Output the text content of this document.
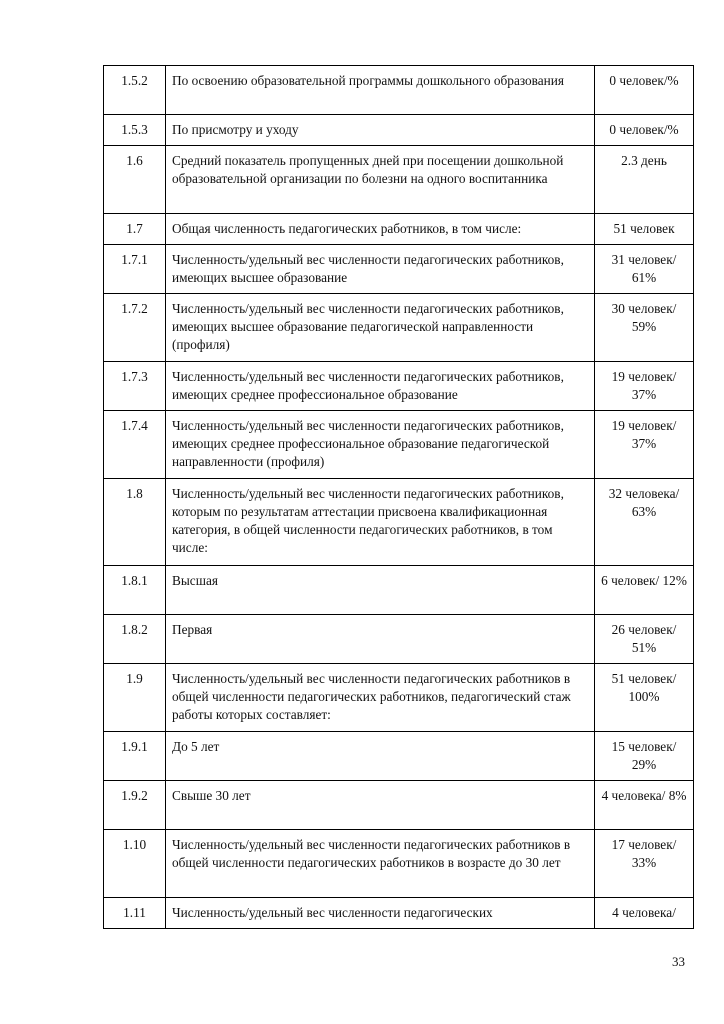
1.5.2	По освоению образовательной программы дошкольного образования	0 человек/%
1.5.3	По присмотру и уходу	0 человек/%
1.6	Средний показатель пропущенных дней при посещении дошкольной образовательной организации по болезни на одного воспитанника	2.3 день
1.7	Общая численность педагогических работников, в том числе:	51 человек
1.7.1	Численность/удельный вес численности педагогических работников, имеющих высшее образование	31 человек/ 61%
1.7.2	Численность/удельный вес численности педагогических работников, имеющих высшее образование педагогической направленности (профиля)	30 человек/ 59%
1.7.3	Численность/удельный вес численности педагогических работников, имеющих среднее профессиональное образование	19 человек/ 37%
1.7.4	Численность/удельный вес численности педагогических работников, имеющих среднее профессиональное образование педагогической направленности (профиля)	19 человек/ 37%
1.8	Численность/удельный вес численности педагогических работников, которым по результатам аттестации присвоена квалификационная категория, в общей численности педагогических работников, в том числе:	32 человека/ 63%
1.8.1	Высшая	6 человек/ 12%
1.8.2	Первая	26 человек/ 51%
1.9	Численность/удельный вес численности педагогических работников в общей численности педагогических работников, педагогический стаж работы которых составляет:	51 человек/ 100%
1.9.1	До 5 лет	15 человек/ 29%
1.9.2	Свыше 30 лет	4 человека/ 8%
1.10	Численность/удельный вес численности педагогических работников в общей численности педагогических работников в возрасте до 30 лет	17 человек/ 33%
1.11	Численность/удельный вес численности педагогических	4 человека/
33
